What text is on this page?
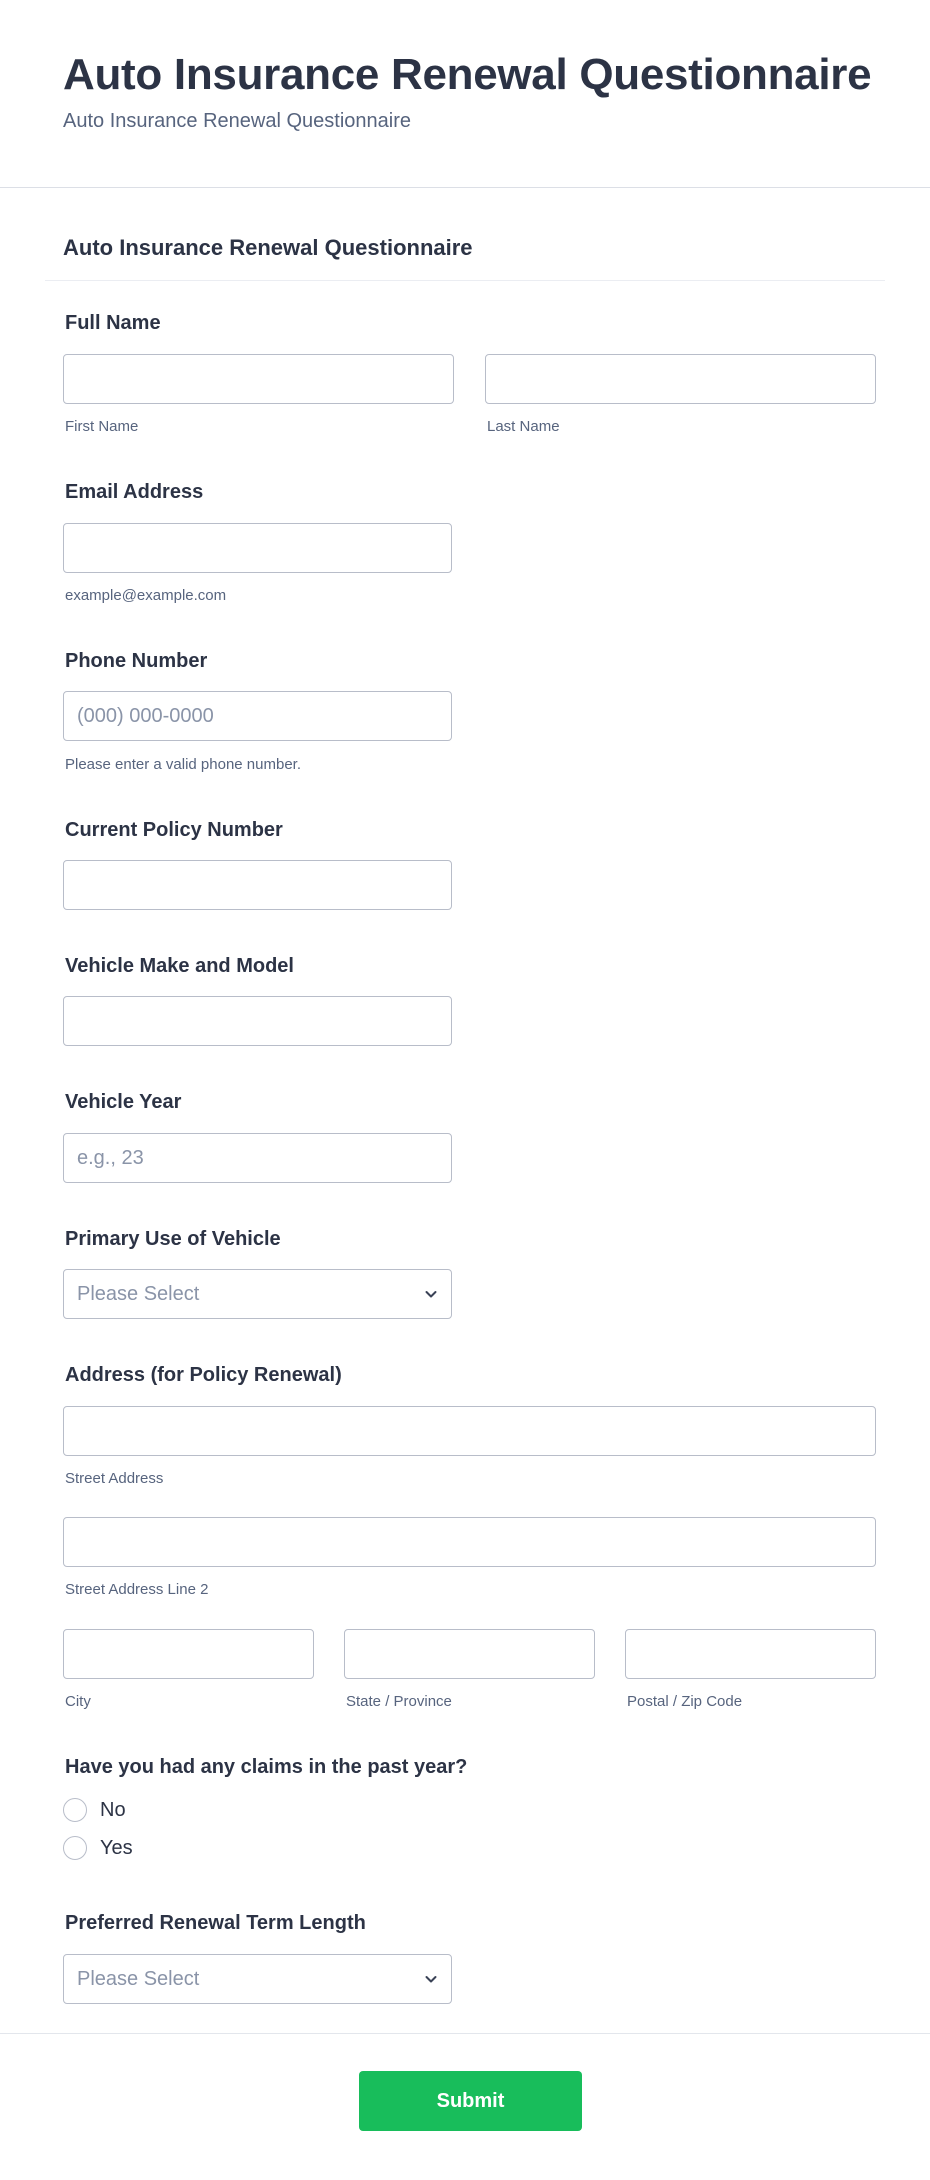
Auto Insurance Renewal Questionnaire
Auto Insurance Renewal Questionnaire
Auto Insurance Renewal Questionnaire
Full Name
First Name	Last Name
Email Address
example@example.com
Phone Number
(000) 000-0000
Please enter a valid phone number.
Current Policy Number
Vehicle Make and Model
Vehicle Year
e.g., 23
Primary Use of Vehicle
Please Select
Address (for Policy Renewal)
Street Address
Street Address Line 2
City	State / Province	Postal / Zip Code
Have you had any claims in the past year?
No
Yes
Preferred Renewal Term Length
Please Select
Submit
